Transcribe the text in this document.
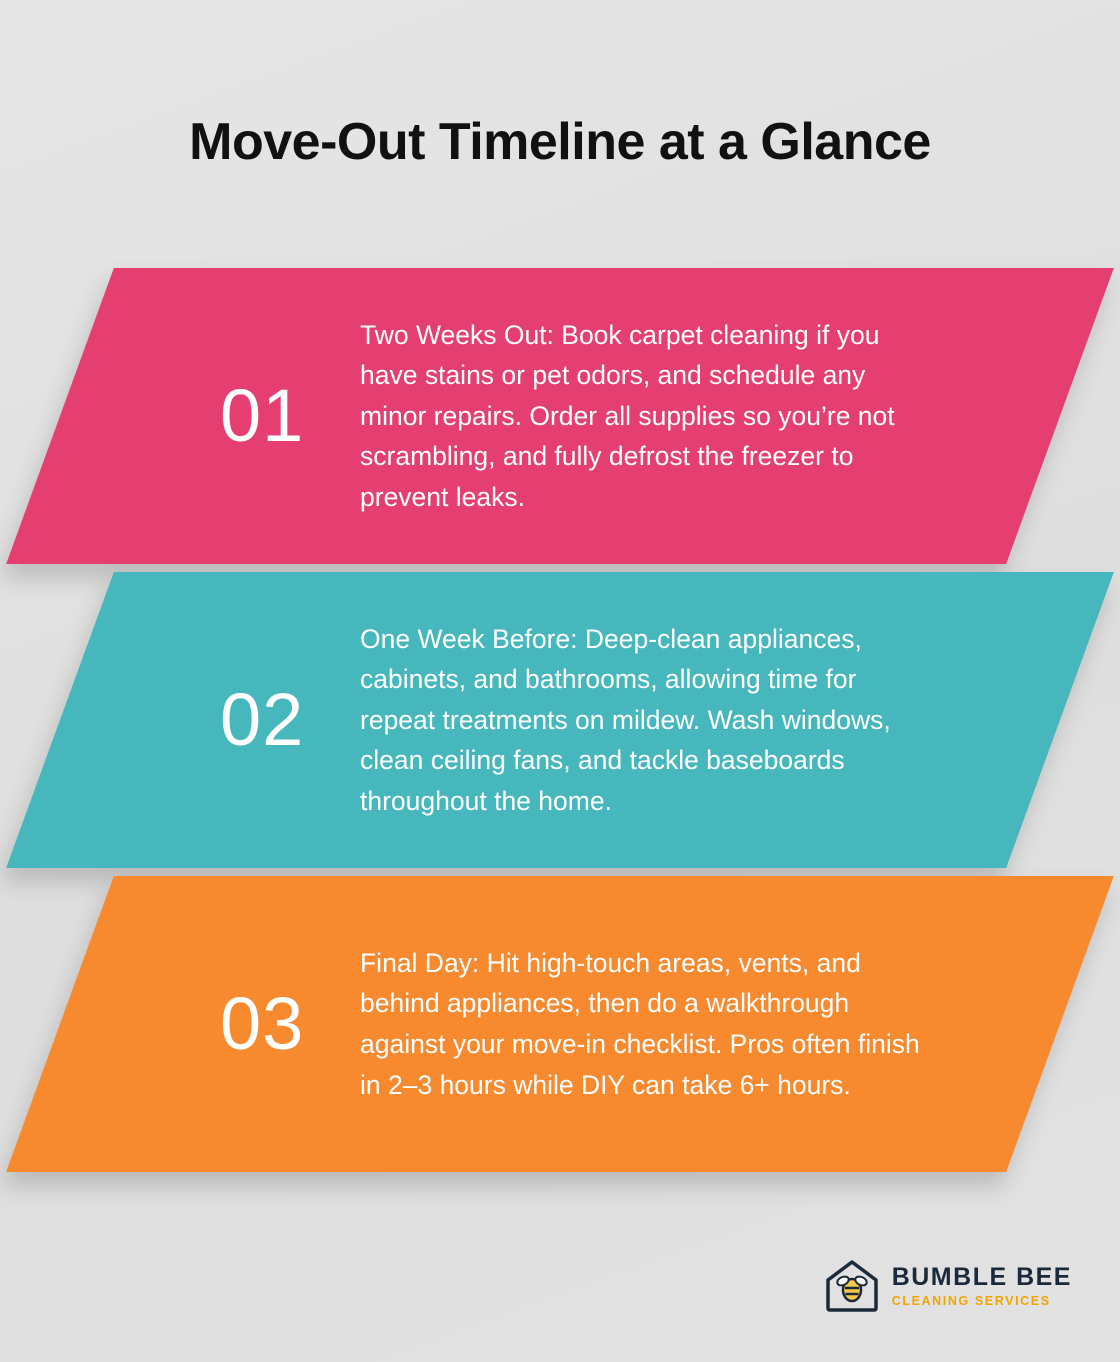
Move-Out Timeline at a Glance
01
Two Weeks Out: Book carpet cleaning if you have stains or pet odors, and schedule any minor repairs. Order all supplies so you’re not scrambling, and fully defrost the freezer to prevent leaks.
02
One Week Before: Deep-clean appliances, cabinets, and bathrooms, allowing time for repeat treatments on mildew. Wash windows, clean ceiling fans, and tackle baseboards throughout the home.
03
Final Day: Hit high-touch areas, vents, and behind appliances, then do a walkthrough against your move-in checklist. Pros often finish in 2–3 hours while DIY can take 6+ hours.
BUMBLE BEE
CLEANING SERVICES
